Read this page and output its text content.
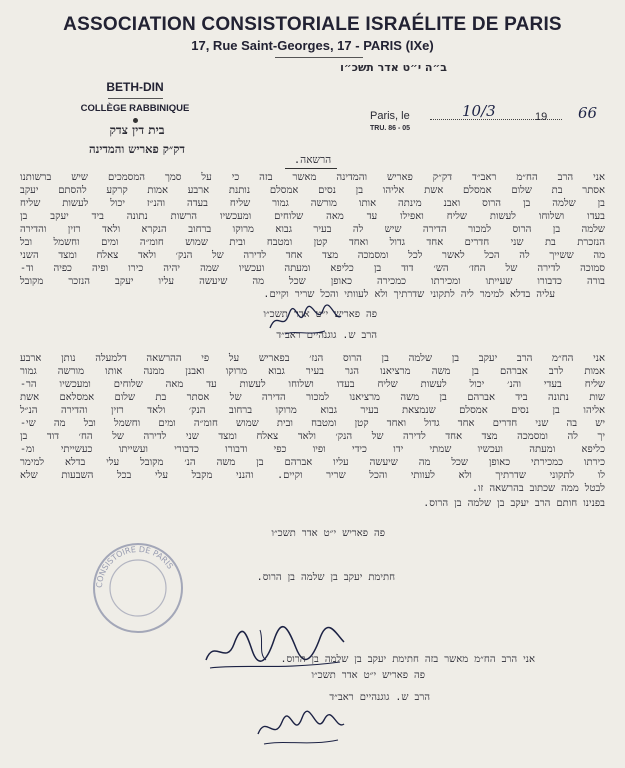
ASSOCIATION CONSISTORIALE ISRAÉLITE DE PARIS
17, Rue Saint-Georges, 17 - PARIS (IXe)
ב״ה י״ט אדר תשכ״ו
BETH-DIN
COLLÈGE RABBINIQUE
בית דין צדק
דק״ק פאריש והמדינה
Paris, le	10/3	19 66
TRU. 86 - 05
הרשאה.
אני הרב הח״מ ראב״ד דק״ק פאריש והמדינה מאשר בזה כי על סמך המסמכים שיש ברשותנו
אסתר בת שלום אמסלם אשת אליהו בן נסים אמסלם נותנת ארבע אמות קרקע להסתם יעקב
בן שלמה בן הרוס ואבנ מינתה אותו מורשה גמור שליח בעדה והנ״ז יכול לעשות שליח
בעדו ושלוחו לעשות שליח ואפילו עד מאה שלוחים ומעכשיו הרשות נתונה ביד יעקב בן
שלמה בן הרוס למכור הדירה שיש לה בעיר גבוא מרוקו ברחוב הנקרא ולאד רזין והדירה
הנזכרת בת שני חדרים אחד גדול ואחד קטן ומטבח ובית שמוש חומ״ה ומים וחשמל ובל
מה ששייך לה הכל לאשר לכל ומסמכה מצד אחד לדירה של הנק׳ ולאד צאלח ומצד השני
סמוכה לדירה של החז׳ הש׳ דוד בן כליפא ומעתה ועכשיו שמה יהיה כירו ופיה כפיה וד-
בורה כדבורו שעייתו ומכירתו כמכירה כאופן שכל מה שיעשה עליו יעקב הנזכר מקובל
עליה בדלא למימר ליה לתקוני שדרתיך ולא לעוותי והכל שריר וקיים.
פה פאריש י״ט אדר תשכ״ו
הרב ש. גוגנהיים ראב״ד
אני הח״מ הרב יעקב בן שלמה בן הרוס הנז׳ בפאריש על פי ההרשאה דלמעלה נותן ארבע
אמות לרב אברהם בן משה מרציאנו הגר בעיר גבוא מרוקו ואבנן ממנה אותו מורשה גמור
שליח בעדי והנ׳ יכול לעשות שליח בעדו ושלוחו לעשות עד מאה שלוחים ומעכשיו הר-
שות נתונה ביד אברהם בן משה מרציאנו למכור הדירה של אסתר בת שלום אמסלאם אשת
אליהו בן נסים אמסלם שנמצאת בעיר גבוא מרוקו ברחוב הנק׳ ולאד רזין והדירה הנ״ל
יש בה שני חדרים אחד גדול ואחד קטן ומטבח ובית שמוש חומ״ה ומים וחשמל ובל מה שי-
יך לה ומסמכה מצד אחד לדירה של הנק׳ ולאד צאלח ומצד שני לדירה של הח׳ דוד בן
כליפא ומעתה ועכשיו שמתי ידו כידי ופיו כפי ודבורו כדבורי ועשייתו כעשייתי ומ-
כירתו כמכירתי כאופן שכל מה שיעשה עליו אברהם בן משה הנ׳ מקובל עלי בדלא למימר
לו לתקוני שדרתיך ולא לעוותי והכל שריר וקיים. והנני מקבל עלי בכל השבעות שלא
לבטל ממה שכתוב בהרשאה זו.
בפנינו חותם הרב יעקב בן שלמה בן הרוס.
פה פאריש י״ט אדר תשכ״ו
חתימת יעקב בן שלמה בן הרוס.
CONSISTOIRE DE PARIS
אני הרב הח״מ מאשר בזה חתימת יעקב בן שלמה בן הרוס.
פה פאריש י״ט אדר תשכ״ו
הרב ש. גוגנהיים ראב״ד
